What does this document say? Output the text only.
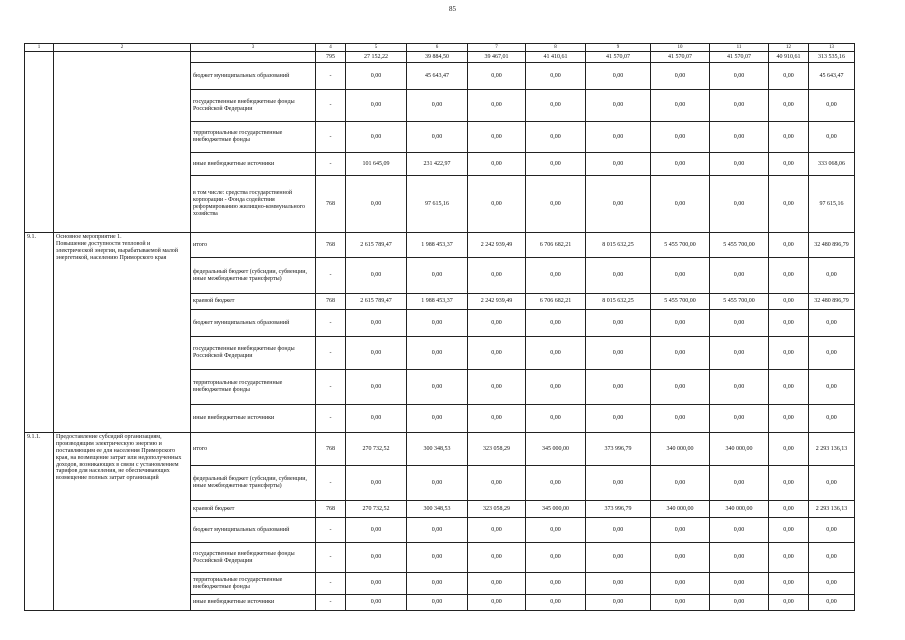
85
1	2	3	4	5	6	7	8	9	10	11	12	13
			795	27 152,22	39 884,50	39 467,01	41 410,61	41 570,07	41 570,07	41 570,07	40 910,61	313 535,16
		бюджет муниципальных образований	-	0,00	45 643,47	0,00	0,00	0,00	0,00	0,00	0,00	45 643,47
		государственные внебюджетные фонды Российской Федерации	-	0,00	0,00	0,00	0,00	0,00	0,00	0,00	0,00	0,00
		территориальные государственные внебюджетные фонды	-	0,00	0,00	0,00	0,00	0,00	0,00	0,00	0,00	0,00
		иные внебюджетные источники	-	101 645,09	231 422,97	0,00	0,00	0,00	0,00	0,00	0,00	333 068,06
		в том числе: средства государственной корпорации - Фонда содействия реформированию жилищно-коммунального хозяйства	768	0,00	97 615,16	0,00	0,00	0,00	0,00	0,00	0,00	97 615,16
9.1.	Основное мероприятие 1.
Повышение доступности тепловой и электрической энергии, вырабатываемой малой энергетикой, населению Приморского края	итого	768	2 615 789,47	1 988 453,37	2 242 939,49	6 706 682,21	8 015 632,25	5 455 700,00	5 455 700,00	0,00	32 480 896,79
		федеральный бюджет (субсидии, субвенции, иные межбюджетные трансферты)	-	0,00	0,00	0,00	0,00	0,00	0,00	0,00	0,00	0,00
		краевой бюджет	768	2 615 789,47	1 988 453,37	2 242 939,49	6 706 682,21	8 015 632,25	5 455 700,00	5 455 700,00	0,00	32 480 896,79
		бюджет муниципальных образований	-	0,00	0,00	0,00	0,00	0,00	0,00	0,00	0,00	0,00
		государственные внебюджетные фонды Российской Федерации	-	0,00	0,00	0,00	0,00	0,00	0,00	0,00	0,00	0,00
		территориальные государственные внебюджетные фонды	-	0,00	0,00	0,00	0,00	0,00	0,00	0,00	0,00	0,00
		иные внебюджетные источники	-	0,00	0,00	0,00	0,00	0,00	0,00	0,00	0,00	0,00
9.1.1.	Предоставление субсидий организациям, производящим электрическую энергию и поставляющим ее для населения Приморского края, на возмещение затрат или недополученных доходов, возникающих в связи с установлением тарифов для населения, не обеспечивающих возмещение полных затрат организаций	итого	768	270 732,52	300 348,53	323 058,29	345 000,00	373 996,79	340 000,00	340 000,00	0,00	2 293 136,13
		федеральный бюджет (субсидии, субвенции, иные межбюджетные трансферты)	-	0,00	0,00	0,00	0,00	0,00	0,00	0,00	0,00	0,00
		краевой бюджет	768	270 732,52	300 348,53	323 058,29	345 000,00	373 996,79	340 000,00	340 000,00	0,00	2 293 136,13
		бюджет муниципальных образований	-	0,00	0,00	0,00	0,00	0,00	0,00	0,00	0,00	0,00
		государственные внебюджетные фонды Российской Федерации	-	0,00	0,00	0,00	0,00	0,00	0,00	0,00	0,00	0,00
		территориальные государственные внебюджетные фонды	-	0,00	0,00	0,00	0,00	0,00	0,00	0,00	0,00	0,00
		иные внебюджетные источники	-	0,00	0,00	0,00	0,00	0,00	0,00	0,00	0,00	0,00
